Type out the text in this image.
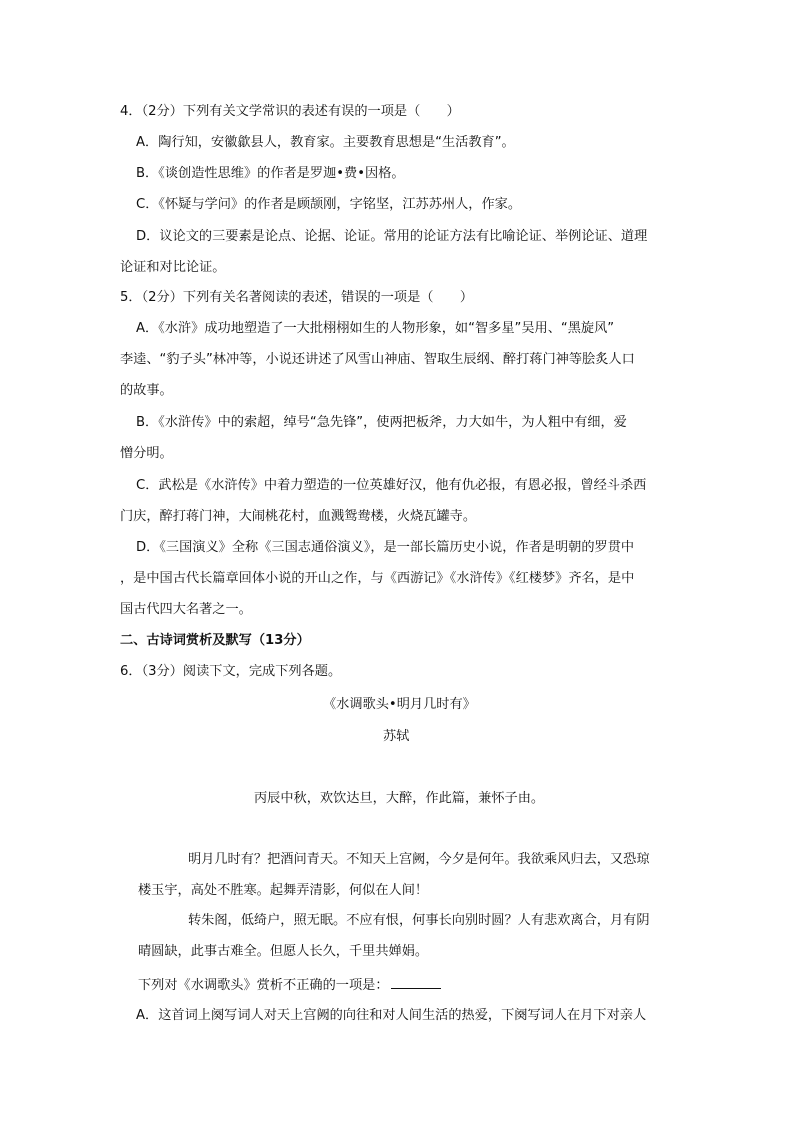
4．（2分）下列有关文学常识的表述有误的一项是（　　）
A．陶行知，安徽歙县人，教育家。主要教育思想是“生活教育”。
B．《谈创造性思维》的作者是罗迦•费•因格。
C．《怀疑与学问》的作者是顾颉刚，字铭坚，江苏苏州人，作家。
D．议论文的三要素是论点、论据、论证。常用的论证方法有比喻论证、举例论证、道理
论证和对比论证。
5．（2分）下列有关名著阅读的表述，错误的一项是（　　）
A．《水浒》成功地塑造了一大批栩栩如生的人物形象，如“智多星”吴用、“黑旋风”
李逵、“豹子头”林冲等，小说还讲述了风雪山神庙、智取生辰纲、醉打蒋门神等脍炙人口
的故事。
B．《水浒传》中的索超，绰号“急先锋”，使两把板斧，力大如牛，为人粗中有细，爱
憎分明。
C．武松是《水浒传》中着力塑造的一位英雄好汉，他有仇必报，有恩必报，曾经斗杀西
门庆，醉打蒋门神，大闹桃花村，血溅鸳鸯楼，火烧瓦罐寺。
D．《三国演义》全称《三国志通俗演义》，是一部长篇历史小说，作者是明朝的罗贯中
，是中国古代长篇章回体小说的开山之作，与《西游记》《水浒传》《红楼梦》齐名，是中
国古代四大名著之一。
二、古诗词赏析及默写（13分）
6．（3分）阅读下文，完成下列各题。
《水调歌头•明月几时有》
苏轼
丙辰中秋，欢饮达旦，大醉，作此篇，兼怀子由。
明月几时有？把酒问青天。不知天上宫阙，今夕是何年。我欲乘风归去，又恐琼
楼玉宇，高处不胜寒。起舞弄清影，何似在人间！
转朱阁，低绮户，照无眠。不应有恨，何事长向别时圆？人有悲欢离合，月有阴
晴圆缺，此事古难全。但愿人长久，千里共婵娟。
下列对《水调歌头》赏析不正确的一项是：
A．这首词上阕写词人对天上宫阙的向往和对人间生活的热爱，下阕写词人在月下对亲人
